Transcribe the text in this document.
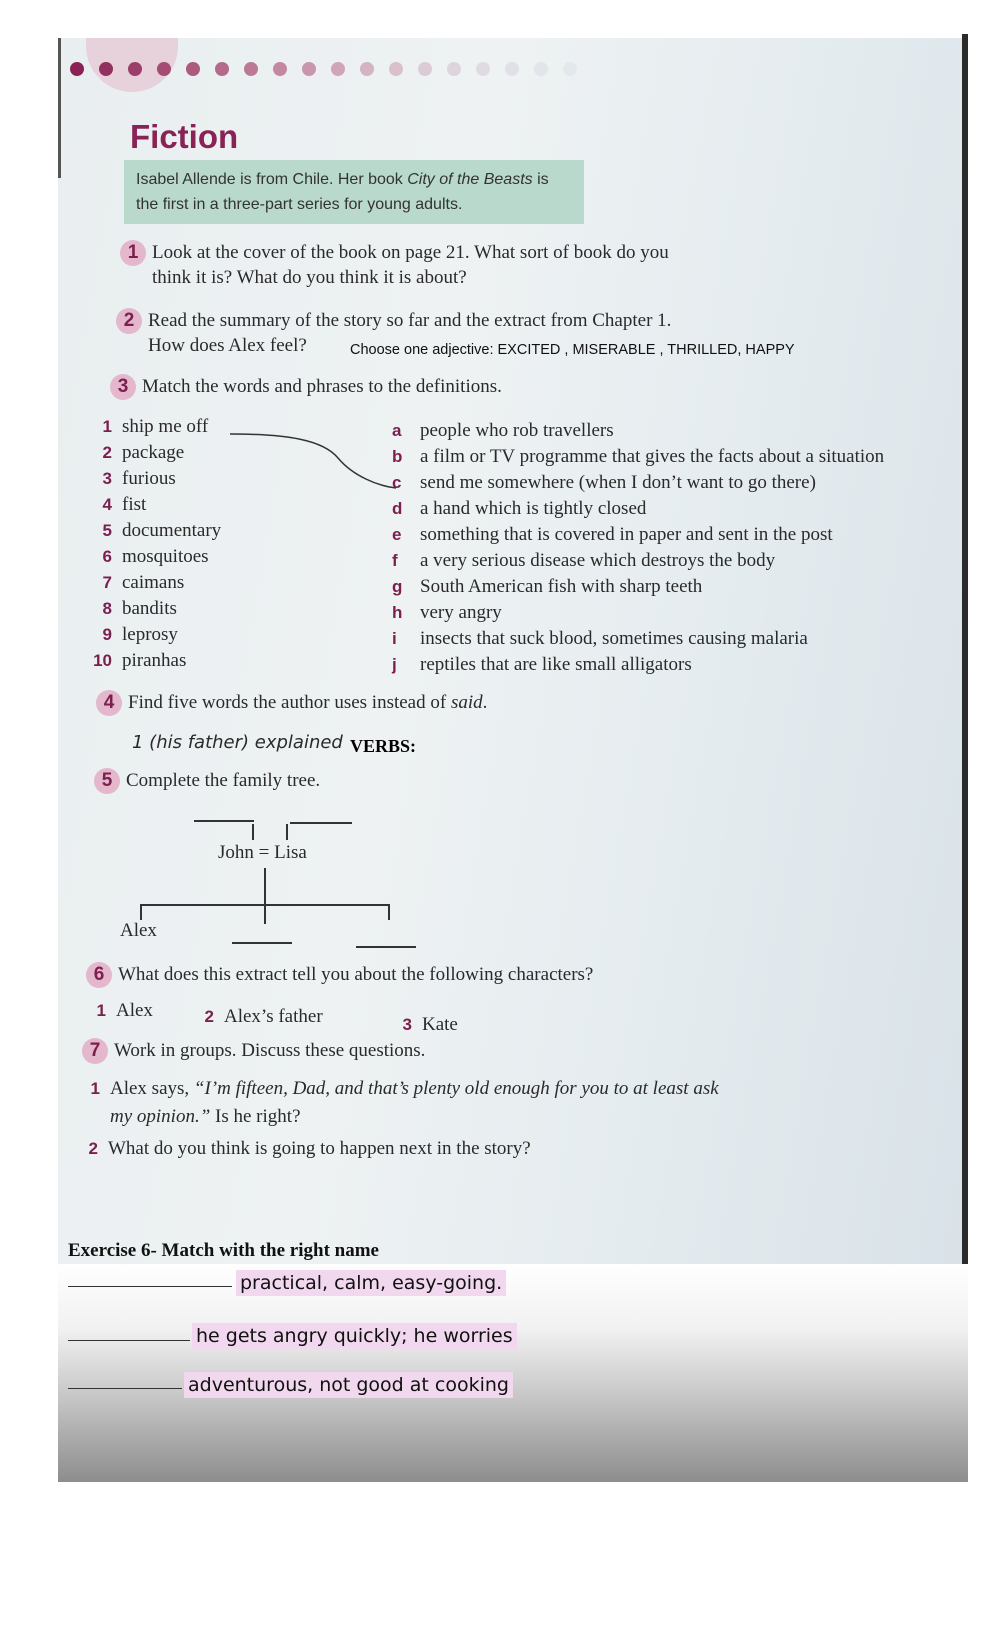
Fiction
Isabel Allende is from Chile. Her book City of the Beasts is the first in a three-part series for young adults.
1 Look at the cover of the book on page 21. What sort of book do you
think it is? What do you think it is about?
2 Read the summary of the story so far and the extract from Chapter 1.
How does Alex feel?	Choose one adjective: EXCITED , MISERABLE , THRILLED, HAPPY
3 Match the words and phrases to the definitions.
1 ship me off
2 package
3 furious
4 fist
5 documentary
6 mosquitoes
7 caimans
8 bandits
9 leprosy
10 piranhas
a people who rob travellers
b a film or TV programme that gives the facts about a situation
c send me somewhere (when I don’t want to go there)
d a hand which is tightly closed
e something that is covered in paper and sent in the post
f a very serious disease which destroys the body
g South American fish with sharp teeth
h very angry
i insects that suck blood, sometimes causing malaria
j reptiles that are like small alligators
4 Find five words the author uses instead of said.
1 (his father) explained VERBS:
5 Complete the family tree.
John = Lisa
Alex
6 What does this extract tell you about the following characters?
1 Alex	2 Alex’s father	3 Kate
7 Work in groups. Discuss these questions.
1 Alex says, “I’m fifteen, Dad, and that’s plenty old enough for you to at least ask
my opinion.” Is he right?
2 What do you think is going to happen next in the story?
Exercise 6- Match with the right name
practical, calm, easy-going.
he gets angry quickly; he worries
adventurous, not good at cooking
